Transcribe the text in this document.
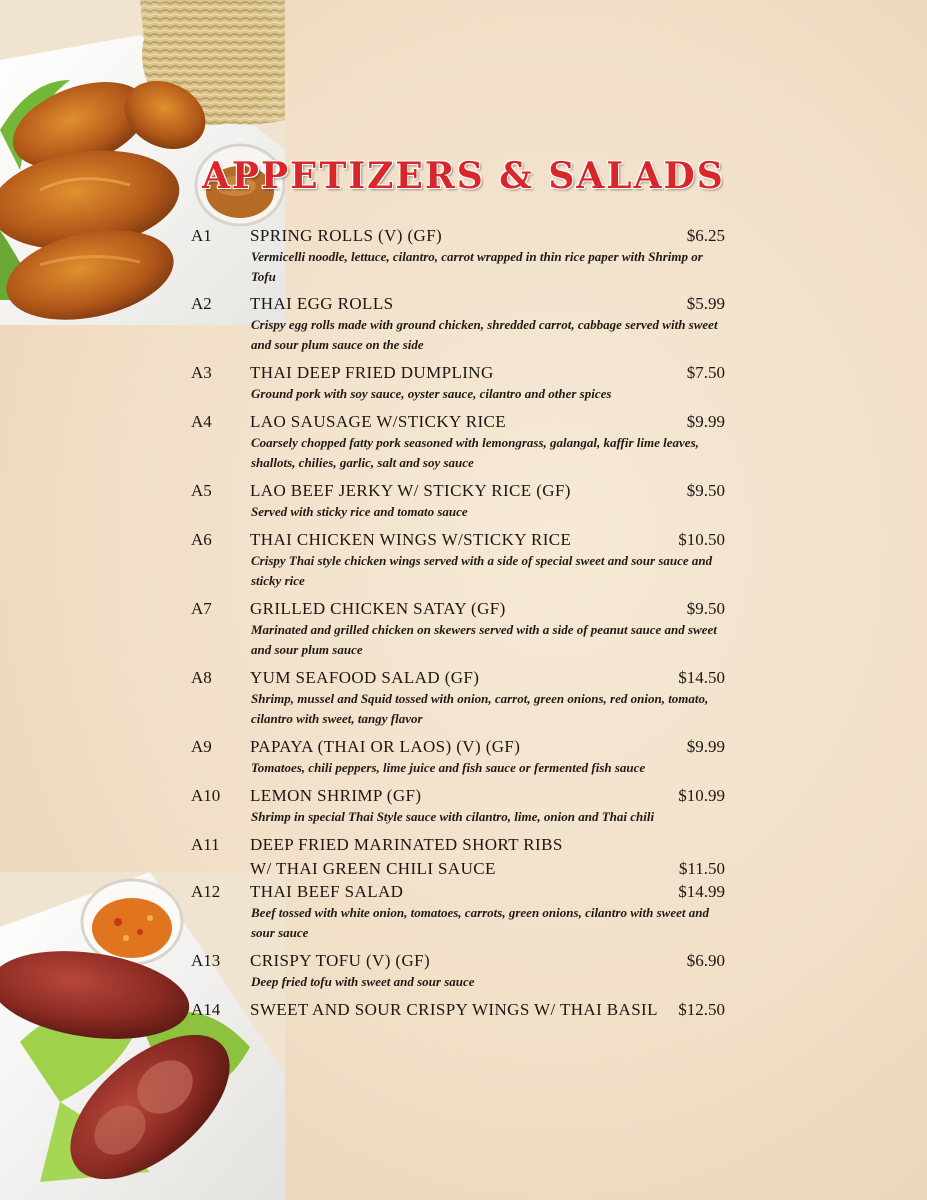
APPETIZERS & SALADS
A1 SPRING ROLLS (V) (GF)	$6.25
Vermicelli noodle, lettuce, cilantro, carrot wrapped in thin rice paper with Shrimp or Tofu
A2 THAI EGG ROLLS	$5.99
Crispy egg rolls made with ground chicken, shredded carrot, cabbage served with sweet and sour plum sauce on the side
A3 THAI DEEP FRIED DUMPLING	$7.50
Ground pork with soy sauce, oyster sauce, cilantro and other spices
A4 LAO SAUSAGE W/STICKY RICE	$9.99
Coarsely chopped fatty pork seasoned with lemongrass, galangal, kaffir lime leaves, shallots, chilies, garlic, salt and soy sauce
A5 LAO BEEF JERKY W/ STICKY RICE (GF)	$9.50
Served with sticky rice and tomato sauce
A6 THAI CHICKEN WINGS W/STICKY RICE	$10.50
Crispy Thai style chicken wings served with a side of special sweet and sour sauce and sticky rice
A7 GRILLED CHICKEN SATAY (GF)	$9.50
Marinated and grilled chicken on skewers served with a side of peanut sauce and sweet and sour plum sauce
A8 YUM SEAFOOD SALAD (GF)	$14.50
Shrimp, mussel and Squid tossed with onion, carrot, green onions, red onion, tomato, cilantro with sweet, tangy flavor
A9 PAPAYA (THAI OR LAOS) (V) (GF)	$9.99
Tomatoes, chili peppers, lime juice and fish sauce or fermented fish sauce
A10 LEMON SHRIMP (GF)	$10.99
Shrimp in special Thai Style sauce with cilantro, lime, onion and Thai chili
A11 DEEP FRIED MARINATED SHORT RIBS
W/ THAI GREEN CHILI SAUCE	$11.50
A12 THAI BEEF SALAD	$14.99
Beef tossed with white onion, tomatoes, carrots, green onions, cilantro with sweet and sour sauce
A13 CRISPY TOFU (V) (GF)	$6.90
Deep fried tofu with sweet and sour sauce
A14 SWEET AND SOUR CRISPY WINGS W/ THAI BASIL $12.50
